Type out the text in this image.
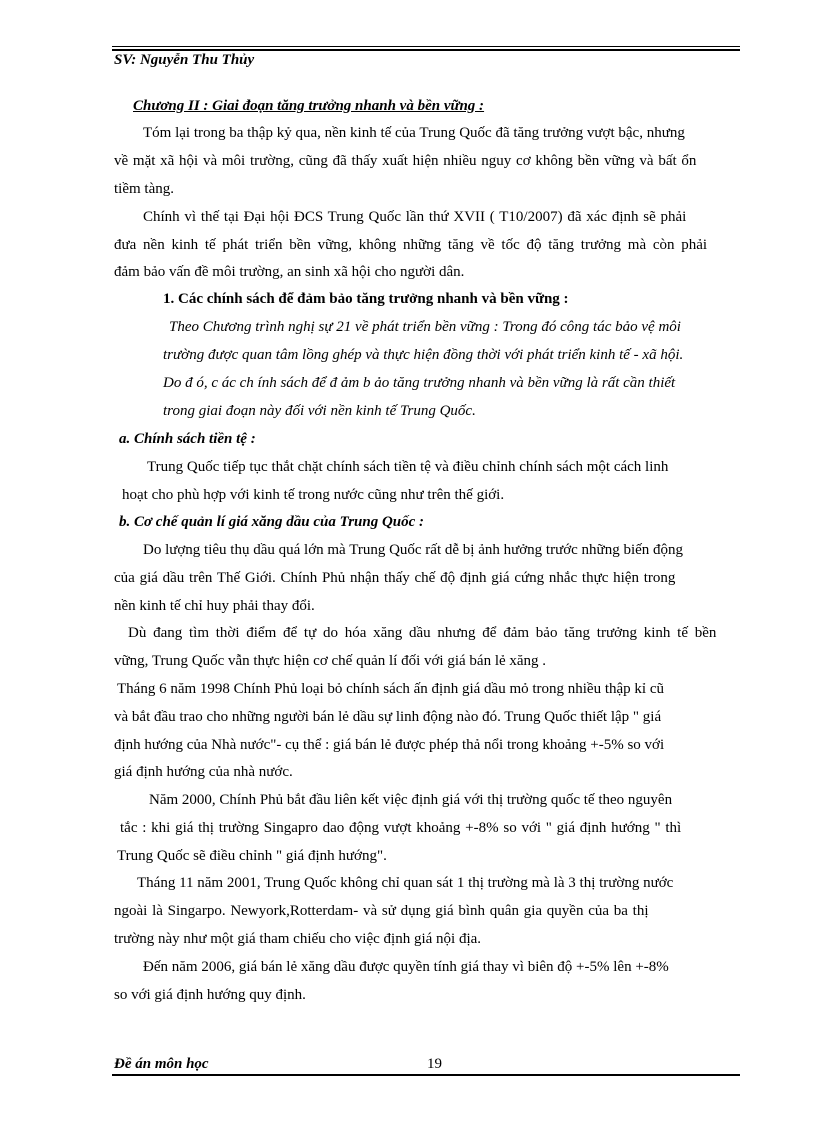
SV: Nguyễn Thu Thủy
Chương II : Giai đoạn tăng trưởng nhanh và bền vững :
Tóm lại trong ba thập kỷ qua, nền kinh tế của Trung Quốc đã tăng trưởng vượt bậc, nhưng
về mặt xã hội và môi trường, cũng đã thấy xuất hiện nhiều nguy cơ không bền vững và bất ổn
tiềm tàng.
Chính vì thế tại Đại hội ĐCS Trung Quốc lần thứ XVII ( T10/2007) đã xác định sẽ phải
đưa nền kinh tế phát triển bền vững, không những tăng về tốc độ tăng trưởng mà còn phải
đảm bảo vấn đề môi trường, an sinh xã hội cho người dân.
1. Các chính sách để đảm bảo tăng trưởng nhanh và bền vững :
Theo Chương trình nghị sự 21 về phát triển bền vững : Trong đó công tác bảo vệ môi
trường được quan tâm lồng ghép và thực hiện đồng thời với phát triển kinh tế - xã hội.
Do đ ó, c ác ch ính sách để đ ảm b ảo tăng trưởng nhanh và bền vững là rất cần thiết
trong giai đoạn này đối với nền kinh tế Trung Quốc.
a. Chính sách tiền tệ :
Trung Quốc tiếp tục thắt chặt chính sách tiền tệ và điều chỉnh chính sách một cách linh
hoạt cho phù hợp với kinh tế trong nước cũng như trên thế giới.
b. Cơ chế quản lí giá xăng dầu của Trung Quốc :
Do lượng tiêu thụ dầu quá lớn mà Trung Quốc rất dễ bị ảnh hưởng trước những biến động
của giá dầu trên Thế Giới. Chính Phủ nhận thấy chế độ định giá cứng nhắc thực hiện trong
nền kinh tế chỉ huy phải thay đổi.
Dù đang tìm thời điểm để tự do hóa xăng dầu nhưng để đảm bảo tăng trưởng kinh tế bền
vững, Trung Quốc vẫn thực hiện cơ chế quản lí đối với giá bán lẻ xăng .
Tháng 6 năm 1998 Chính Phủ loại bỏ chính sách ấn định giá dầu mỏ trong nhiều thập kỉ cũ
và bắt đầu trao cho những người bán lẻ dầu sự linh động nào đó. Trung Quốc thiết lập " giá
định hướng của Nhà nước"- cụ thể : giá bán lẻ được phép thả nổi trong khoảng +-5% so với
giá định hướng của nhà nước.
Năm 2000, Chính Phủ bắt đầu liên kết việc định giá với thị trường quốc tế theo nguyên
tắc : khi giá thị trường Singapro dao động vượt khoảng +-8% so với " giá định hướng " thì
Trung Quốc sẽ điều chỉnh " giá định hướng".
Tháng 11 năm 2001, Trung Quốc không chỉ quan sát 1 thị trường mà là 3 thị trường nước
ngoài là Singarpo. Newyork,Rotterdam- và sử dụng giá bình quân gia quyền của ba thị
trường này như một giá tham chiếu cho việc định giá nội địa.
Đến năm 2006, giá bán lẻ xăng dầu được quyền tính giá thay vì biên độ +-5% lên +-8%
so với giá định hướng quy định.
Đề án môn học	19
